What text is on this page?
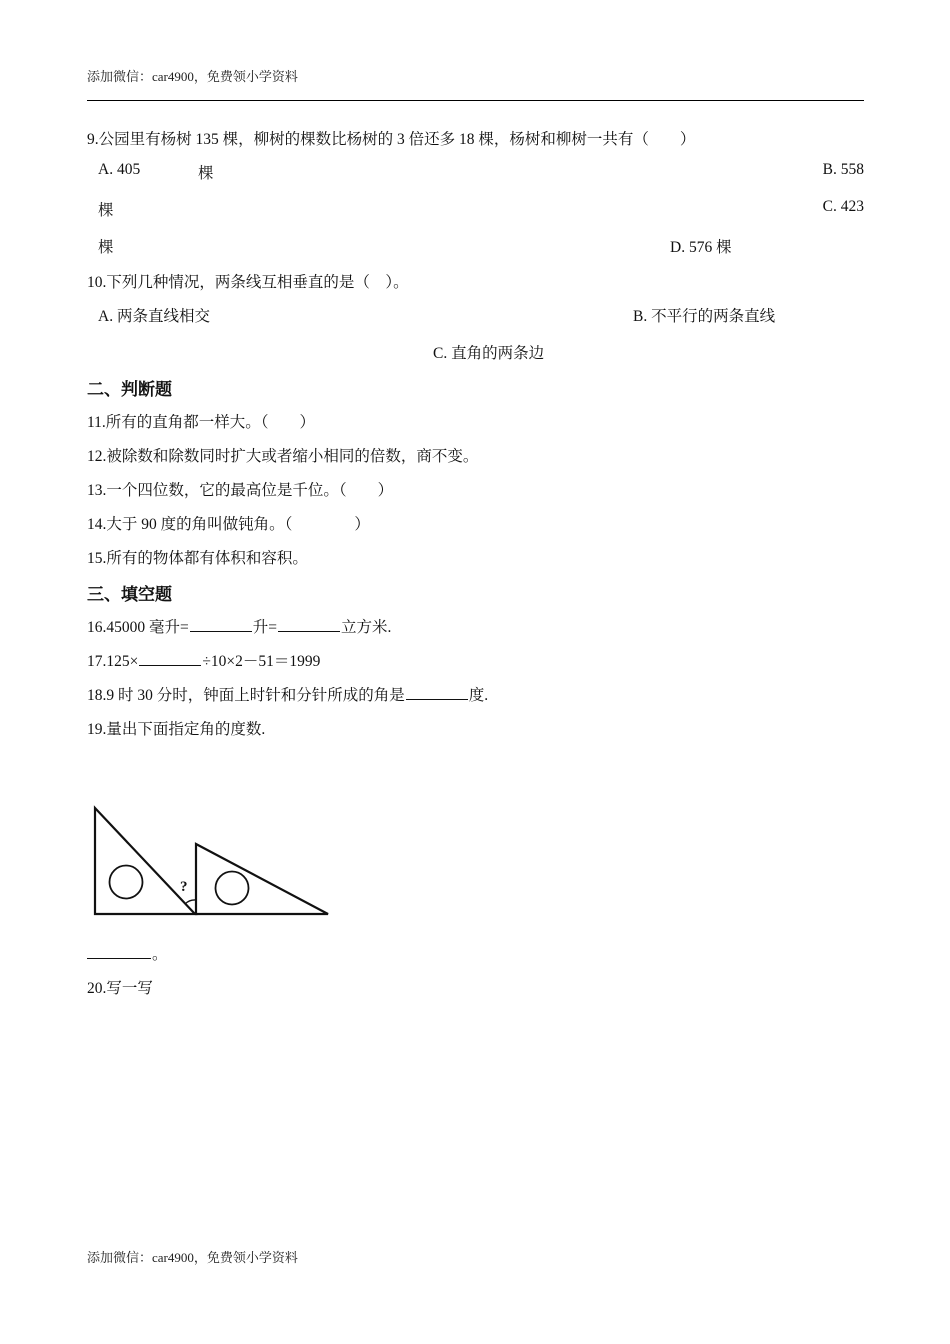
添加微信：car4900，免费领小学资料
9.公园里有杨树 135 棵，柳树的棵数比杨树的 3 倍还多 18 棵，杨树和柳树一共有（　　）
A. 405	棵	B. 558
棵	C. 423
棵	D. 576 棵
10.下列几种情况，两条线互相垂直的是（　）。
A. 两条直线相交	B. 不平行的两条直线
C. 直角的两条边
二、判断题
11.所有的直角都一样大。（　　）
12.被除数和除数同时扩大或者缩小相同的倍数，商不变。
13.一个四位数，它的最高位是千位。（　　）
14.大于 90 度的角叫做钝角。（　　　　）
15.所有的物体都有体积和容积。
三、填空题
16.45000 毫升=	升=	立方米.
17.125×	÷10×2－51＝1999
18.9 时 30 分时，钟面上时针和分针所成的角是	度.
19.量出下面指定角的度数.
?
。
20.写一写
添加微信：car4900，免费领小学资料
